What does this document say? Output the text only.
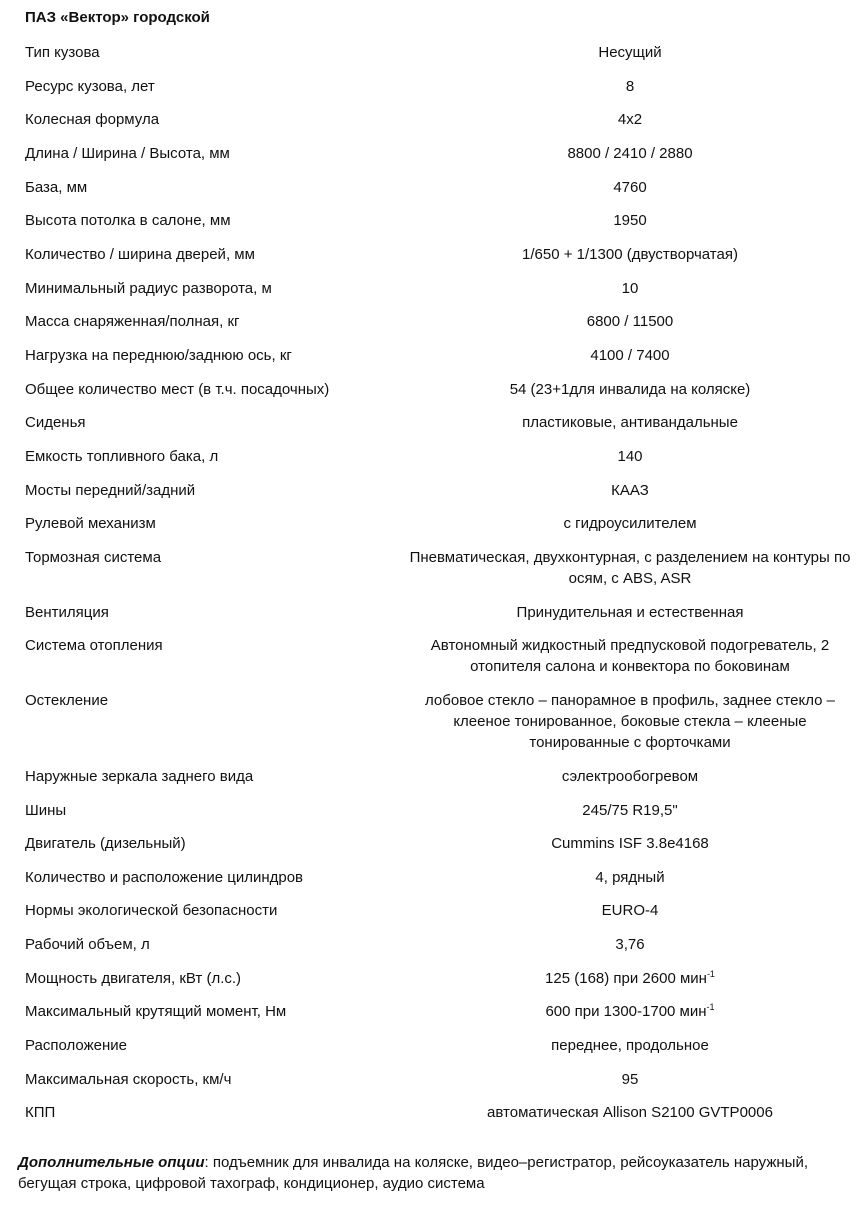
ПАЗ «Вектор» городской
Тип кузова	Несущий
Ресурс кузова, лет	8
Колесная формула	4х2
Длина / Ширина / Высота, мм	8800 / 2410 / 2880
База, мм	4760
Высота потолка в салоне, мм	1950
Количество / ширина дверей, мм	1/650 + 1/1300 (двустворчатая)
Минимальный радиус разворота, м	10
Масса снаряженная/полная, кг	6800 / 11500
Нагрузка на переднюю/заднюю ось, кг	4100 / 7400
Общее количество мест (в т.ч. посадочных)	54 (23+1для инвалида на коляске)
Сиденья	пластиковые, антивандальные
Емкость топливного бака, л	140
Мосты передний/задний	КААЗ
Рулевой механизм	с гидроусилителем
Тормозная система	Пневматическая, двухконтурная, с разделением на контуры по осям, с ABS, ASR
Вентиляция	Принудительная и естественная
Система отопления	Автономный жидкостный предпусковой подогреватель, 2 отопителя салона и конвектора по боковинам
Остекление	лобовое стекло – панорамное в профиль, заднее стекло – клееное тонированное, боковые стекла – клееные тонированные с форточками
Наружные зеркала заднего вида	сэлектрообогревом
Шины	245/75 R19,5"
Двигатель (дизельный)	Cummins ISF 3.8e4168
Количество и расположение цилиндров	4, рядный
Нормы экологической безопасности	EURO-4
Рабочий объем, л	3,76
Мощность двигателя, кВт (л.с.)	125 (168) при 2600 мин$^{-1}$
Максимальный крутящий момент, Нм	600 при 1300-1700 мин$^{-1}$
Расположение	переднее, продольное
Максимальная скорость, км/ч	95
КПП	автоматическая Allison S2100 GVTP0006
Дополнительные опции: подъемник для инвалида на коляске, видео–регистратор, рейсоуказатель наружный, бегущая строка, цифровой тахограф, кондиционер, аудио система
